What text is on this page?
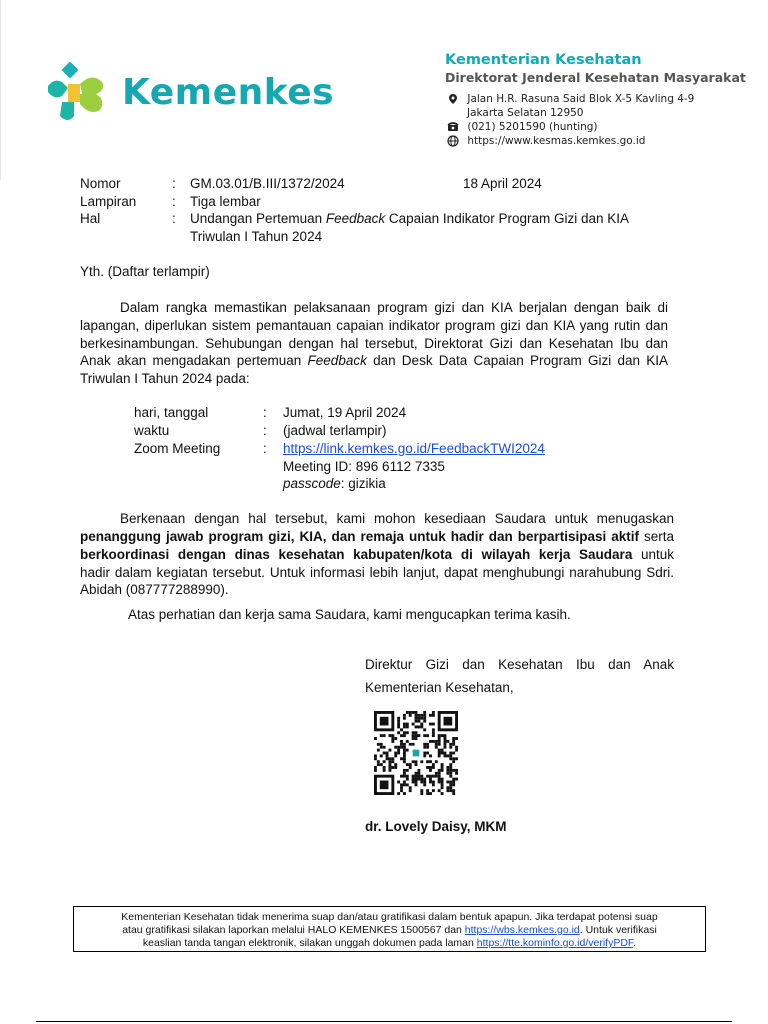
Kemenkes
Kementerian Kesehatan
Direktorat Jenderal Kesehatan Masyarakat
Jalan H.R. Rasuna Said Blok X-5 Kavling 4-9
Jakarta Selatan 12950
(021) 5201590 (hunting)
https://www.kesmas.kemkes.go.id
Nomor	: GM.03.01/B.III/1372/2024	18 April 2024
Lampiran	: Tiga lembar
Hal	: Undangan Pertemuan Feedback Capaian Indikator Program Gizi dan KIA
Triwulan I Tahun 2024
Yth. (Daftar terlampir)
Dalam rangka memastikan pelaksanaan program gizi dan KIA berjalan dengan baik di
lapangan, diperlukan sistem pemantauan capaian indikator program gizi dan KIA yang rutin dan
berkesinambungan. Sehubungan dengan hal tersebut, Direktorat Gizi dan Kesehatan Ibu dan
Anak akan mengadakan pertemuan Feedback dan Desk Data Capaian Program Gizi dan KIA
Triwulan I Tahun 2024 pada:
hari, tanggal	: Jumat, 19 April 2024
waktu	: (jadwal terlampir)
Zoom Meeting	: https://link.kemkes.go.id/FeedbackTWI2024
Meeting ID: 896 6112 7335
passcode: gizikia
Berkenaan dengan hal tersebut, kami mohon kesediaan Saudara untuk menugaskan
penanggung jawab program gizi, KIA, dan remaja untuk hadir dan berpartisipasi aktif serta
berkoordinasi dengan dinas kesehatan kabupaten/kota di wilayah kerja Saudara untuk
hadir dalam kegiatan tersebut. Untuk informasi lebih lanjut, dapat menghubungi narahubung Sdri.
Abidah (087777288990).
Atas perhatian dan kerja sama Saudara, kami mengucapkan terima kasih.
Direktur Gizi dan Kesehatan Ibu dan Anak
Kementerian Kesehatan,
dr. Lovely Daisy, MKM
Kementerian Kesehatan tidak menerima suap dan/atau gratifikasi dalam bentuk apapun. Jika terdapat potensi suap
atau gratifikasi silakan laporkan melalui HALO KEMENKES 1500567 dan https://wbs.kemkes.go.id. Untuk verifikasi
keaslian tanda tangan elektronik, silakan unggah dokumen pada laman https://tte.kominfo.go.id/verifyPDF.
